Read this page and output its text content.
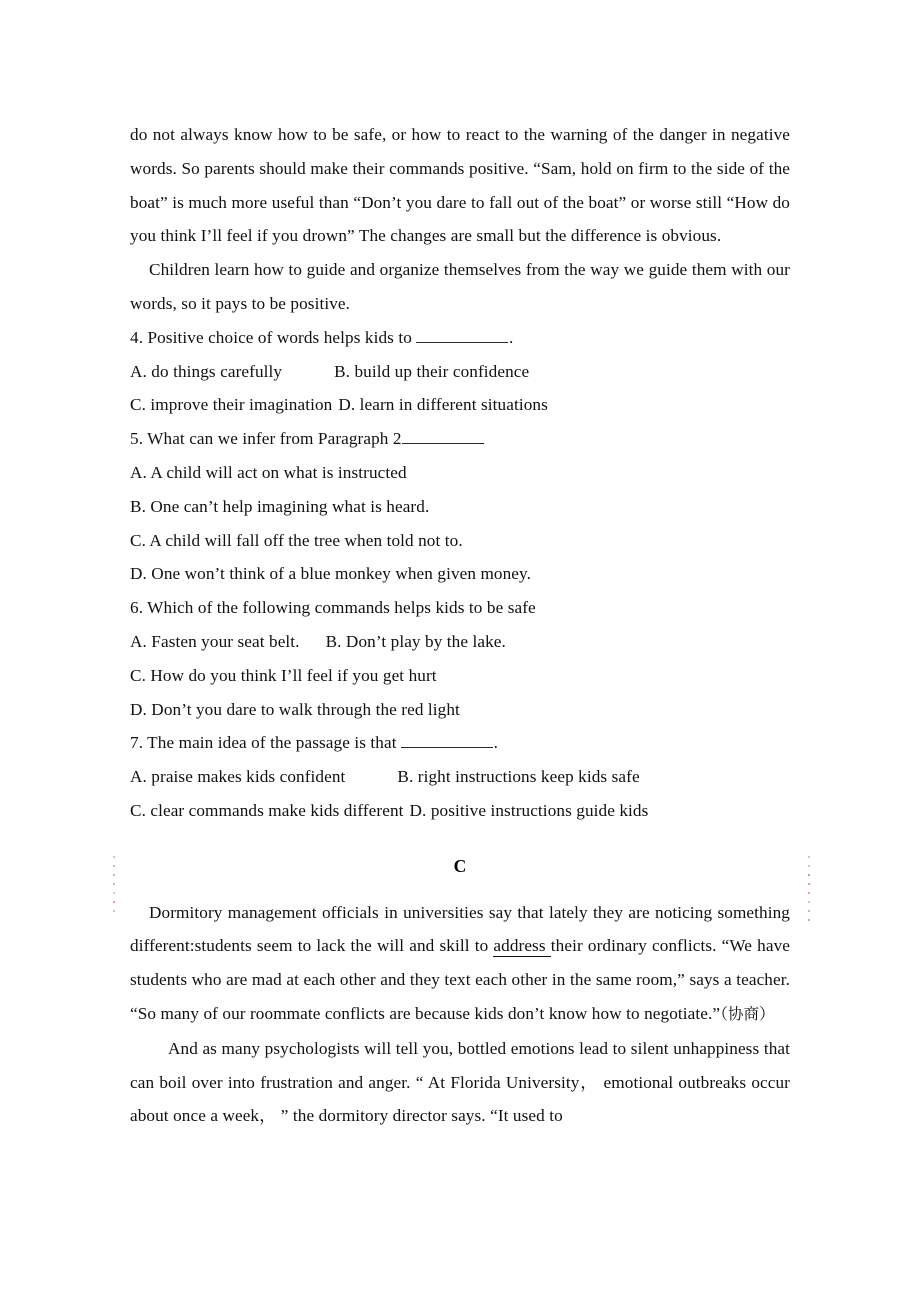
do not always know how to be safe, or how to react to the warning of the danger in negative words. So parents should make their commands positive. “Sam, hold on firm to the side of the boat” is much more useful than “Don’t you dare to fall out of the boat” or worse still “How do you think I’ll feel if you drown” The changes are small but the difference is obvious.

Children learn how to guide and organize themselves from the way we guide them with our words, so it pays to be positive.

4. Positive choice of words helps kids to	.
A. do things carefully	B. build up their confidence
C. improve their imagination D. learn in different situations
5. What can we infer from Paragraph 2
A. A child will act on what is instructed
B. One can’t help imagining what is heard.
C. A child will fall off the tree when told not to.
D. One won’t think of a blue monkey when given money.
6. Which of the following commands helps kids to be safe
A. Fasten your seat belt. B. Don’t play by the lake.
C. How do you think I’ll feel if you get hurt
D. Don’t you dare to walk through the red light
7. The main idea of the passage is that	.
A. praise makes kids confident	B. right instructions keep kids safe
C. clear commands make kids different D. positive instructions guide kids
C

Dormitory management officials in universities say that lately they are noticing something different:students seem to lack the will and skill to address their ordinary conflicts. “We have students who are mad at each other and they text each other in the same room,” says a teacher. “So many of our roommate conflicts are because kids don’t know how to negotiate.”（协商）

And as many psychologists will tell you, bottled emotions lead to silent unhappiness that can boil over into frustration and anger. “ At Florida University， emotional outbreaks occur about once a week， ” the dormitory director says. “It used to
